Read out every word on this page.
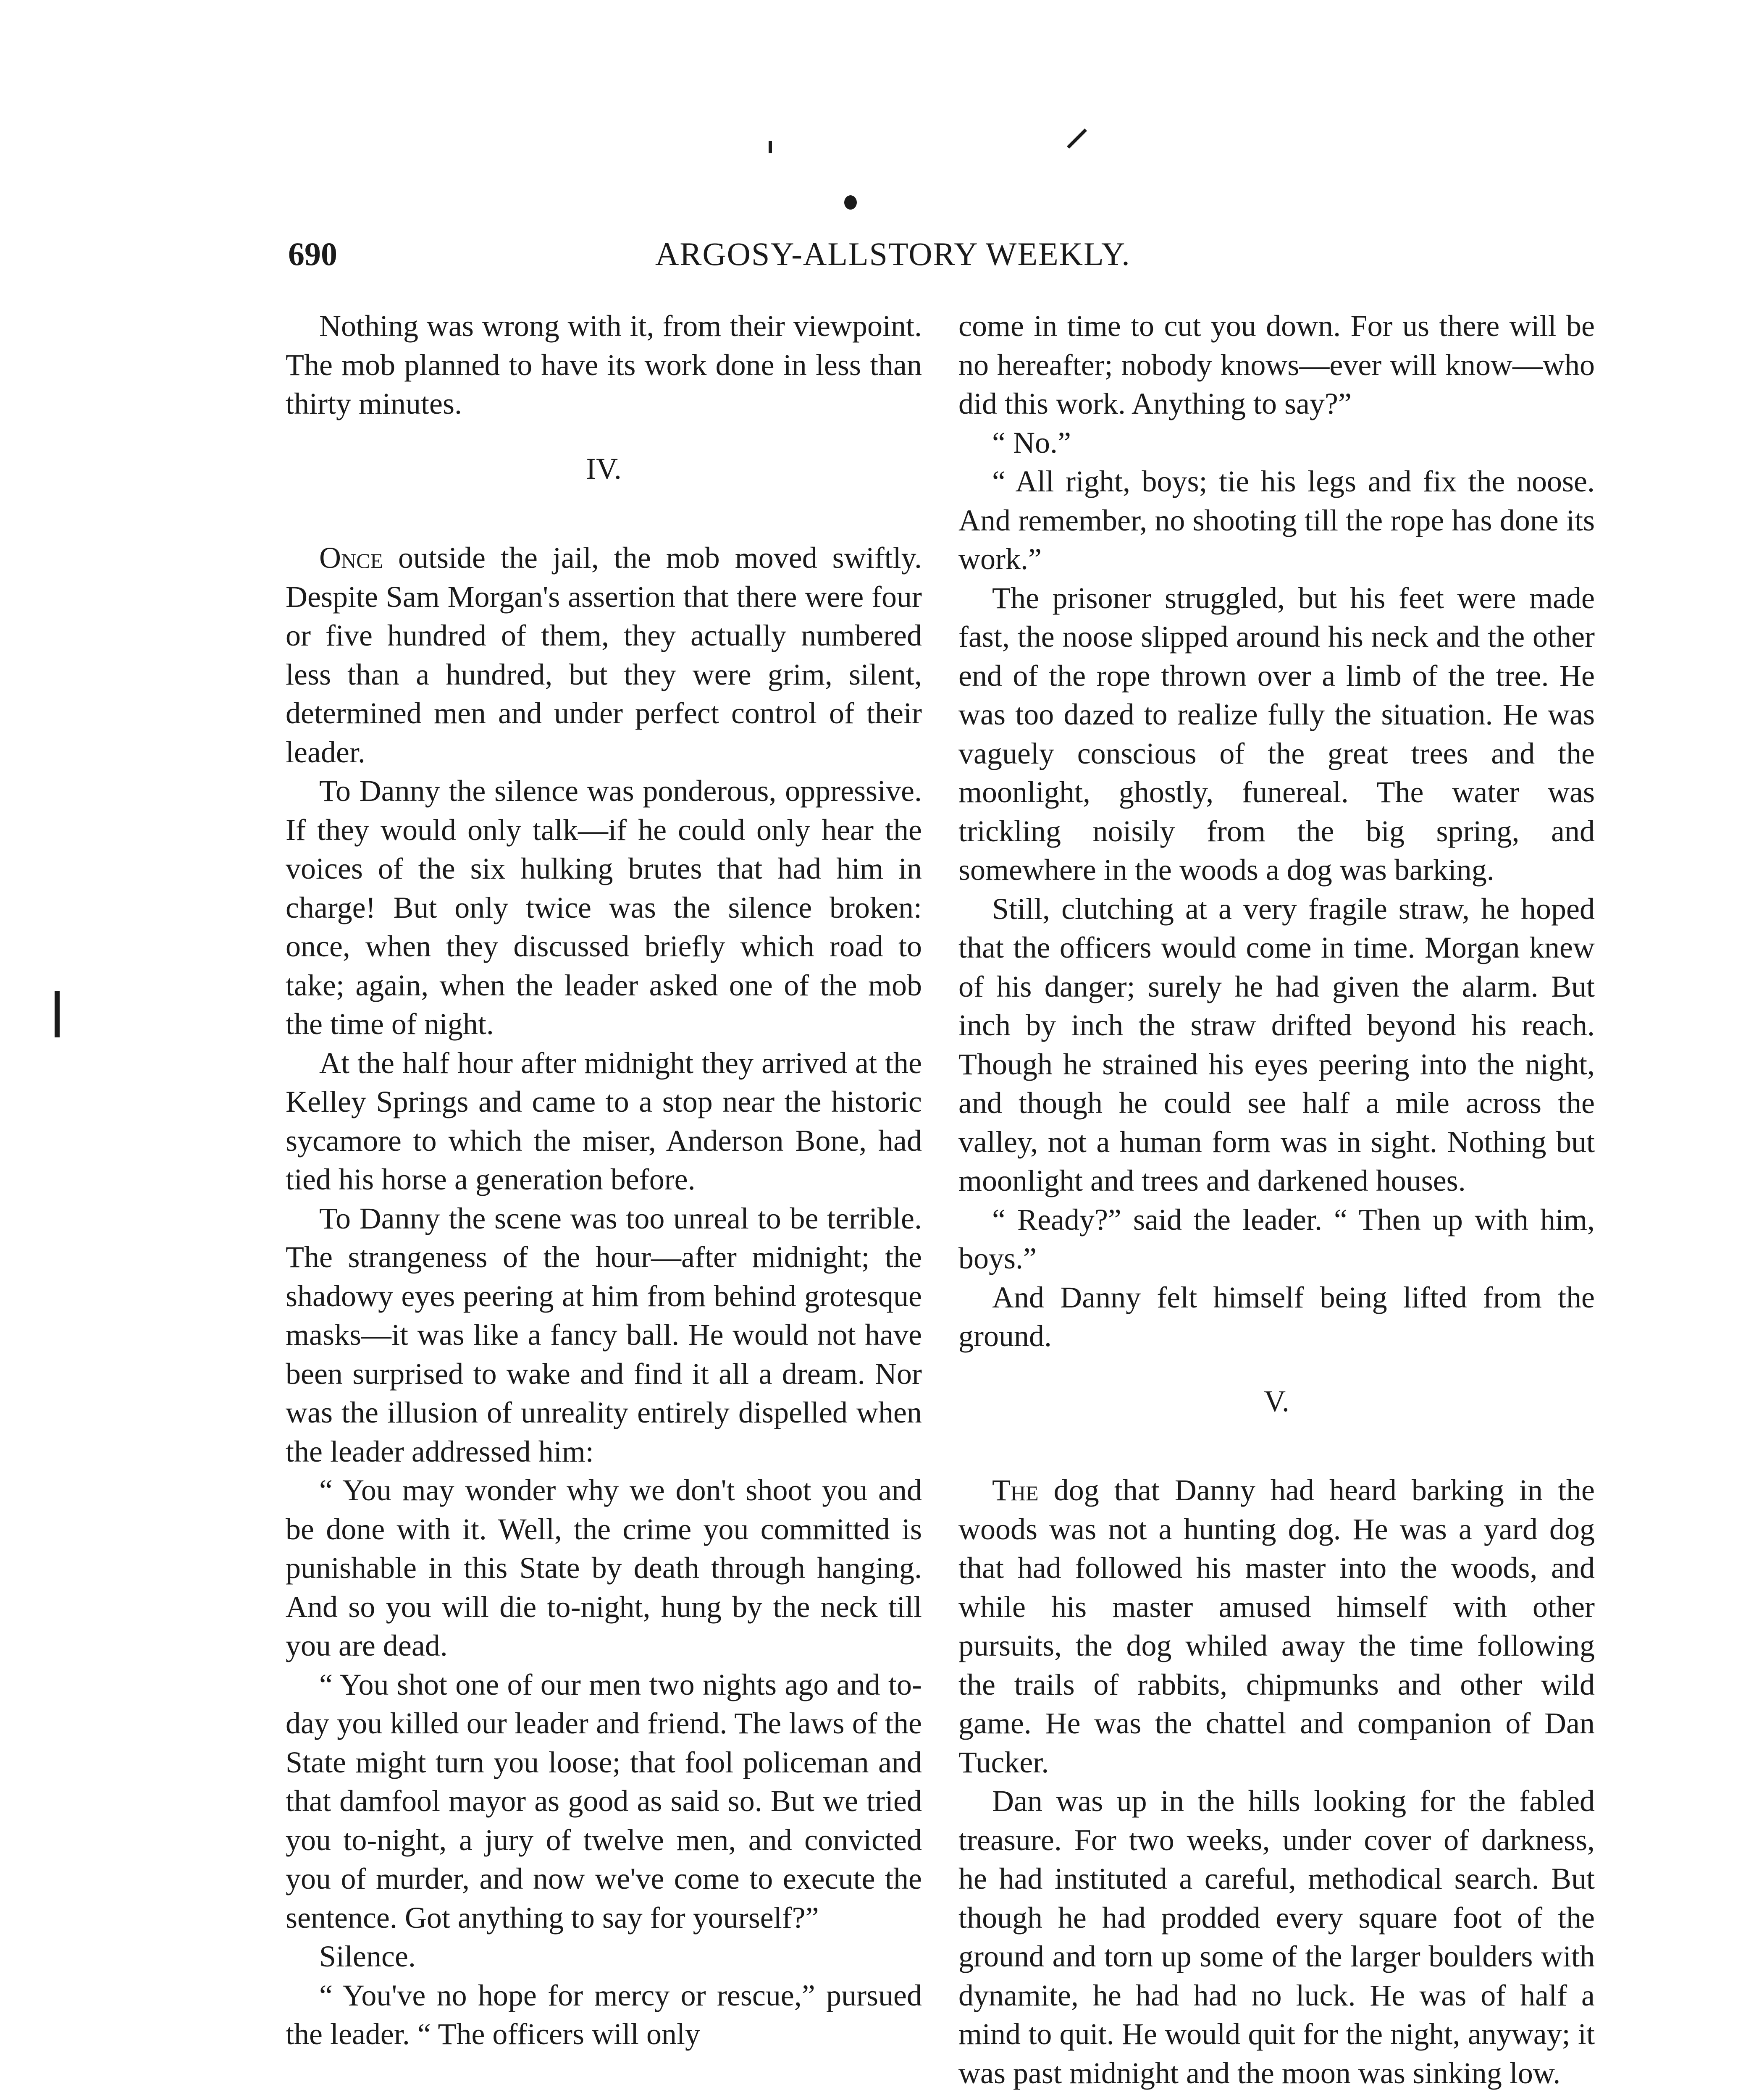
690	ARGOSY-ALLSTORY WEEKLY.

Nothing was wrong with it, from their viewpoint. The mob planned to have its work done in less than thirty minutes.

IV.

Once outside the jail, the mob moved swiftly. Despite Sam Morgan's assertion that there were four or five hundred of them, they actually numbered less than a hundred, but they were grim, silent, determined men and under perfect control of their leader.

To Danny the silence was ponderous, oppressive. If they would only talk—if he could only hear the voices of the six hulking brutes that had him in charge! But only twice was the silence broken: once, when they discussed briefly which road to take; again, when the leader asked one of the mob the time of night.

At the half hour after midnight they arrived at the Kelley Springs and came to a stop near the historic sycamore to which the miser, Anderson Bone, had tied his horse a generation before.

To Danny the scene was too unreal to be terrible. The strangeness of the hour—after midnight; the shadowy eyes peering at him from behind grotesque masks—it was like a fancy ball. He would not have been surprised to wake and find it all a dream. Nor was the illusion of unreality entirely dispelled when the leader addressed him:

“ You may wonder why we don't shoot you and be done with it. Well, the crime you committed is punishable in this State by death through hanging. And so you will die to-night, hung by the neck till you are dead.

“ You shot one of our men two nights ago and to-day you killed our leader and friend. The laws of the State might turn you loose; that fool policeman and that damfool mayor as good as said so. But we tried you to-night, a jury of twelve men, and convicted you of murder, and now we've come to execute the sentence. Got anything to say for yourself?”

Silence.

“ You've no hope for mercy or rescue,” pursued the leader. “ The officers will only

come in time to cut you down. For us there will be no hereafter; nobody knows—ever will know—who did this work. Anything to say?”

“ No.”

“ All right, boys; tie his legs and fix the noose. And remember, no shooting till the rope has done its work.”

The prisoner struggled, but his feet were made fast, the noose slipped around his neck and the other end of the rope thrown over a limb of the tree. He was too dazed to realize fully the situation. He was vaguely conscious of the great trees and the moonlight, ghostly, funereal. The water was trickling noisily from the big spring, and somewhere in the woods a dog was barking.

Still, clutching at a very fragile straw, he hoped that the officers would come in time. Morgan knew of his danger; surely he had given the alarm. But inch by inch the straw drifted beyond his reach. Though he strained his eyes peering into the night, and though he could see half a mile across the valley, not a human form was in sight. Nothing but moonlight and trees and darkened houses.

“ Ready?” said the leader. “ Then up with him, boys.”

And Danny felt himself being lifted from the ground.

V.

The dog that Danny had heard barking in the woods was not a hunting dog. He was a yard dog that had followed his master into the woods, and while his master amused himself with other pursuits, the dog whiled away the time following the trails of rabbits, chipmunks and other wild game. He was the chattel and companion of Dan Tucker.

Dan was up in the hills looking for the fabled treasure. For two weeks, under cover of darkness, he had instituted a careful, methodical search. But though he had prodded every square foot of the ground and torn up some of the larger boulders with dynamite, he had had no luck. He was of half a mind to quit. He would quit for the night, anyway; it was past midnight and the moon was sinking low.
